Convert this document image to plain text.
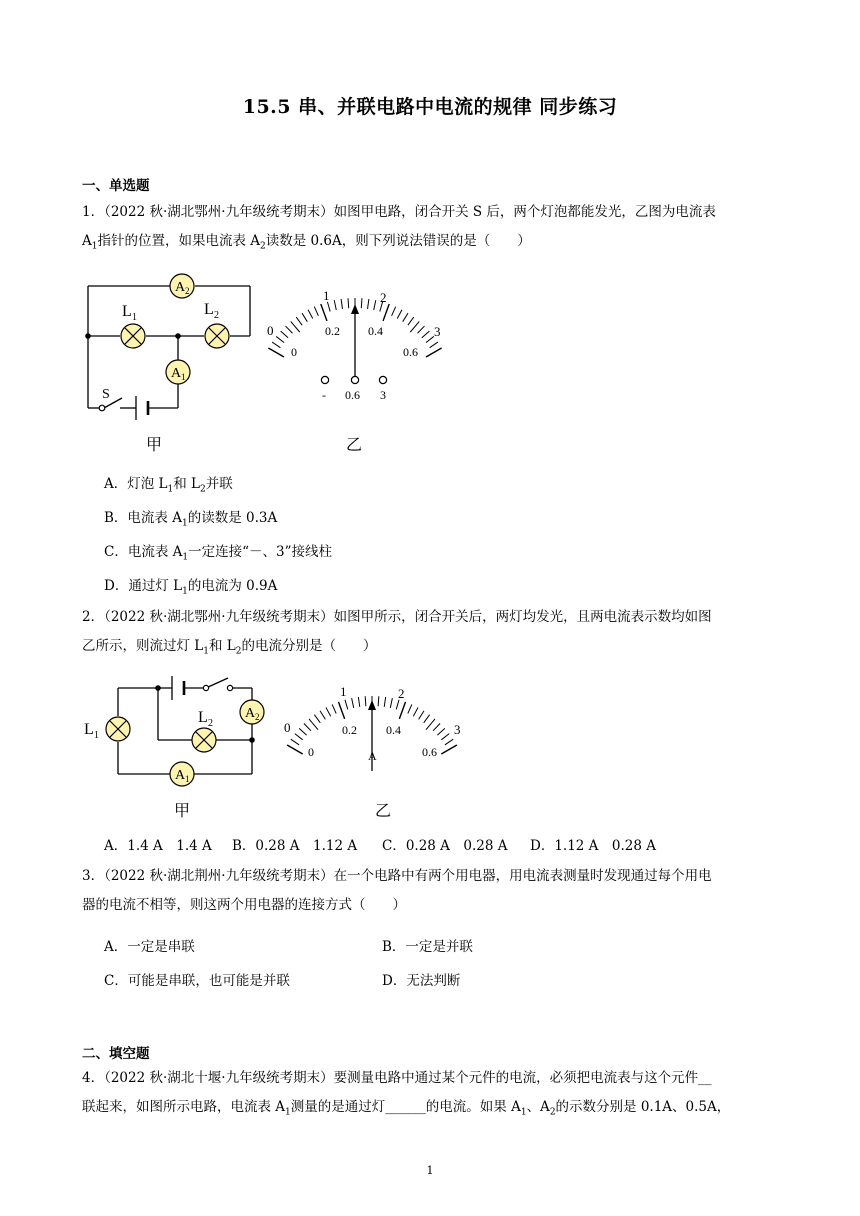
15.5 串、并联电路中电流的规律 同步练习
一、单选题
1．（2022 秋·湖北鄂州·九年级统考期末）如图甲电路，闭合开关 S 后，两个灯泡都能发光，乙图为电流表
$A_1$指针的位置，如果电流表 $A_2$读数是 0.6A，则下列说法错误的是（　　）
A 2
A 1
L 1	L 2
S
甲
0
1	2
3
0
0.2 0.4
0.6
- 0.6 3
乙
A．灯泡 $L_1$和 $L_2$并联
B．电流表 $A_1$的读数是 0.3A
C．电流表 $A_1$一定连接“－、3”接线柱
D．通过灯 $L_1$的电流为 0.9A
2．（2022 秋·湖北鄂州·九年级统考期末）如图甲所示，闭合开关后，两灯均发光，且两电流表示数均如图
乙所示，则流过灯 $L_1$和 $L_2$的电流分别是（　　）
A 2
A 1
L 1
L 2
甲
0
1	2
3
0
0.2 0.4
0.6
A
乙
A．1.4 A　1.4 A B．0.28 A　1.12 A C．0.28 A　0.28 A D．1.12 A　0.28 A
3．（2022 秋·湖北荆州·九年级统考期末）在一个电路中有两个用电器，用电流表测量时发现通过每个用电
器的电流不相等，则这两个用电器的连接方式（　　）
A．一定是串联	B．一定是并联
C．可能是串联，也可能是并联	D．无法判断
二、填空题
4．（2022 秋·湖北十堰·九年级统考期末）要测量电路中通过某个元件的电流，必须把电流表与这个元件__
联起来，如图所示电路，电流表 $A_1$测量的是通过灯______的电流。如果 $A_1$、$A_2$的示数分别是 0.1A、0.5A，
1
